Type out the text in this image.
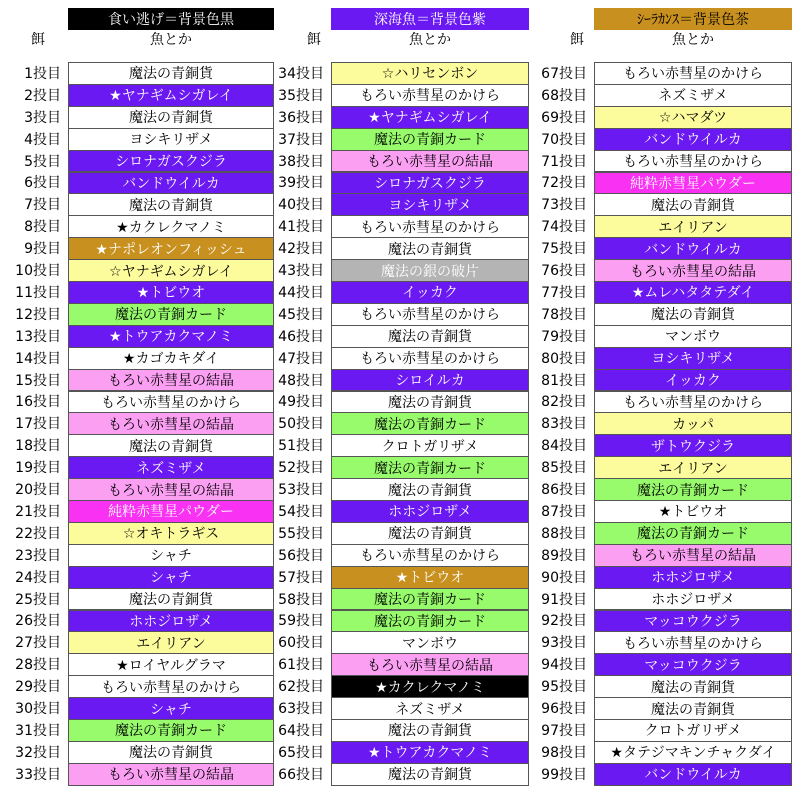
食い逃げ＝背景色黒
餌	魚とか
深海魚＝背景色紫
餌	魚とか
ｼｰﾗｶﾝｽ＝背景色茶
餌	魚とか
1投目	魔法の青銅貨
2投目	★ヤナギムシガレイ
3投目	魔法の青銅貨
4投目	ヨシキリザメ
5投目	シロナガスクジラ
6投目	バンドウイルカ
7投目	魔法の青銅貨
8投目	★カクレクマノミ
9投目	★ナポレオンフィッシュ
10投目	☆ヤナギムシガレイ
11投目	★トビウオ
12投目	魔法の青銅カード
13投目	★トウアカクマノミ
14投目	★カゴカキダイ
15投目	もろい赤彗星の結晶
16投目	もろい赤彗星のかけら
17投目	もろい赤彗星の結晶
18投目	魔法の青銅貨
19投目	ネズミザメ
20投目	もろい赤彗星の結晶
21投目	純粋赤彗星パウダー
22投目	☆オキトラギス
23投目	シャチ
24投目	シャチ
25投目	魔法の青銅貨
26投目	ホホジロザメ
27投目	エイリアン
28投目	★ロイヤルグラマ
29投目	もろい赤彗星のかけら
30投目	シャチ
31投目	魔法の青銅カード
32投目	魔法の青銅貨
33投目	もろい赤彗星の結晶
34投目	☆ハリセンボン
35投目	もろい赤彗星のかけら
36投目	★ヤナギムシガレイ
37投目	魔法の青銅カード
38投目	もろい赤彗星の結晶
39投目	シロナガスクジラ
40投目	ヨシキリザメ
41投目	もろい赤彗星のかけら
42投目	魔法の青銅貨
43投目	魔法の銀の破片
44投目	イッカク
45投目	もろい赤彗星のかけら
46投目	魔法の青銅貨
47投目	もろい赤彗星のかけら
48投目	シロイルカ
49投目	魔法の青銅貨
50投目	魔法の青銅カード
51投目	クロトガリザメ
52投目	魔法の青銅カード
53投目	魔法の青銅貨
54投目	ホホジロザメ
55投目	魔法の青銅貨
56投目	もろい赤彗星のかけら
57投目	★トビウオ
58投目	魔法の青銅カード
59投目	魔法の青銅カード
60投目	マンボウ
61投目	もろい赤彗星の結晶
62投目	★カクレクマノミ
63投目	ネズミザメ
64投目	魔法の青銅貨
65投目	★トウアカクマノミ
66投目	魔法の青銅貨
67投目	もろい赤彗星のかけら
68投目	ネズミザメ
69投目	☆ハマダツ
70投目	バンドウイルカ
71投目	もろい赤彗星のかけら
72投目	純粋赤彗星パウダー
73投目	魔法の青銅貨
74投目	エイリアン
75投目	バンドウイルカ
76投目	もろい赤彗星の結晶
77投目	★ムレハタタテダイ
78投目	魔法の青銅貨
79投目	マンボウ
80投目	ヨシキリザメ
81投目	イッカク
82投目	もろい赤彗星のかけら
83投目	カッパ
84投目	ザトウクジラ
85投目	エイリアン
86投目	魔法の青銅カード
87投目	★トビウオ
88投目	魔法の青銅カード
89投目	もろい赤彗星の結晶
90投目	ホホジロザメ
91投目	ホホジロザメ
92投目	マッコウクジラ
93投目	もろい赤彗星のかけら
94投目	マッコウクジラ
95投目	魔法の青銅貨
96投目	魔法の青銅貨
97投目	クロトガリザメ
98投目	★タテジマキンチャクダイ
99投目	バンドウイルカ
